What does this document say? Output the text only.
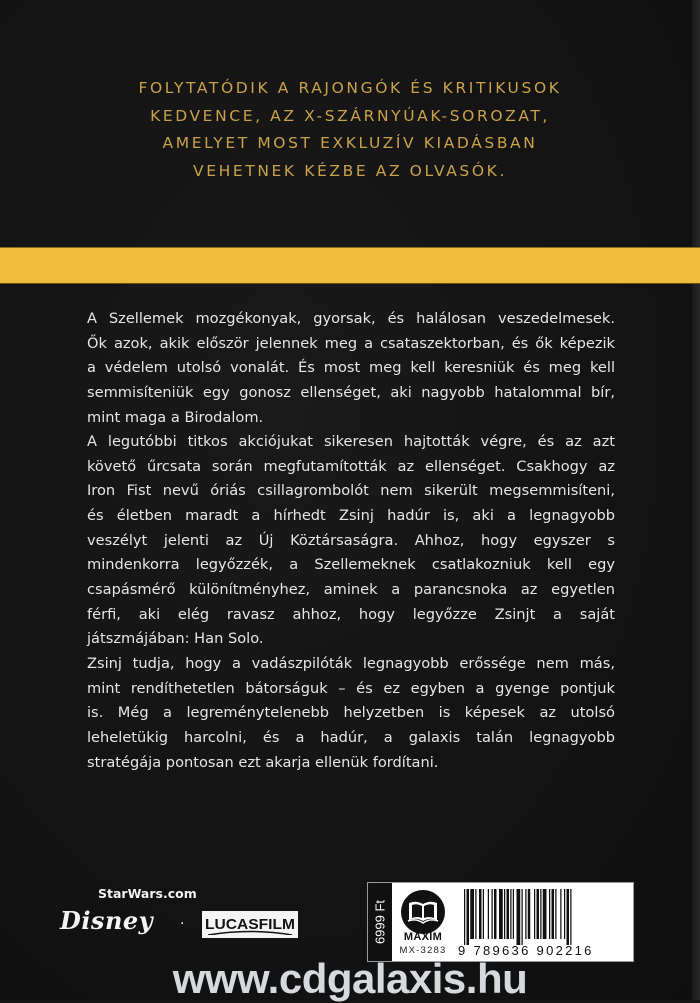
FOLYTATÓDIK A RAJONGÓK ÉS KRITIKUSOK
KEDVENCE, AZ X-SZÁRNYÚAK-SOROZAT,
AMELYET MOST EXKLUZÍV KIADÁSBAN
VEHETNEK KÉZBE AZ OLVASÓK.
A Szellemek mozgékonyak, gyorsak, és halálosan veszedelmesek.
Ők azok, akik először jelennek meg a csataszektorban, és ők képezik
a védelem utolsó vonalát. És most meg kell keresniük és meg kell
semmisíteniük egy gonosz ellenséget, aki nagyobb hatalommal bír,
mint maga a Birodalom.
A legutóbbi titkos akciójukat sikeresen hajtották végre, és az azt
követő űrcsata során megfutamították az ellenséget. Csakhogy az
Iron Fist nevű óriás csillagrombolót nem sikerült megsemmisíteni,
és életben maradt a hírhedt Zsinj hadúr is, aki a legnagyobb
veszélyt jelenti az Új Köztársaságra. Ahhoz, hogy egyszer s
mindenkorra legyőzzék, a Szellemeknek csatlakozniuk kell egy
csapásmérő különítményhez, aminek a parancsnoka az egyetlen
férfi, aki elég ravasz ahhoz, hogy legyőzze Zsinjt a saját
játszmájában: Han Solo.
Zsinj tudja, hogy a vadászpilóták legnagyobb erőssége nem más,
mint rendíthetetlen bátorságuk – és ez egyben a gyenge pontjuk
is. Még a legreménytelenebb helyzetben is képesek az utolsó
leheletükig harcolni, és a hadúr, a galaxis talán legnagyobb
stratégája pontosan ezt akarja ellenük fordítani.
StarWars.com
Disney · LUCASFILM	6999 Ft	MAXIM
MX-3283 9 789636 902216
www.cdgalaxis.hu
